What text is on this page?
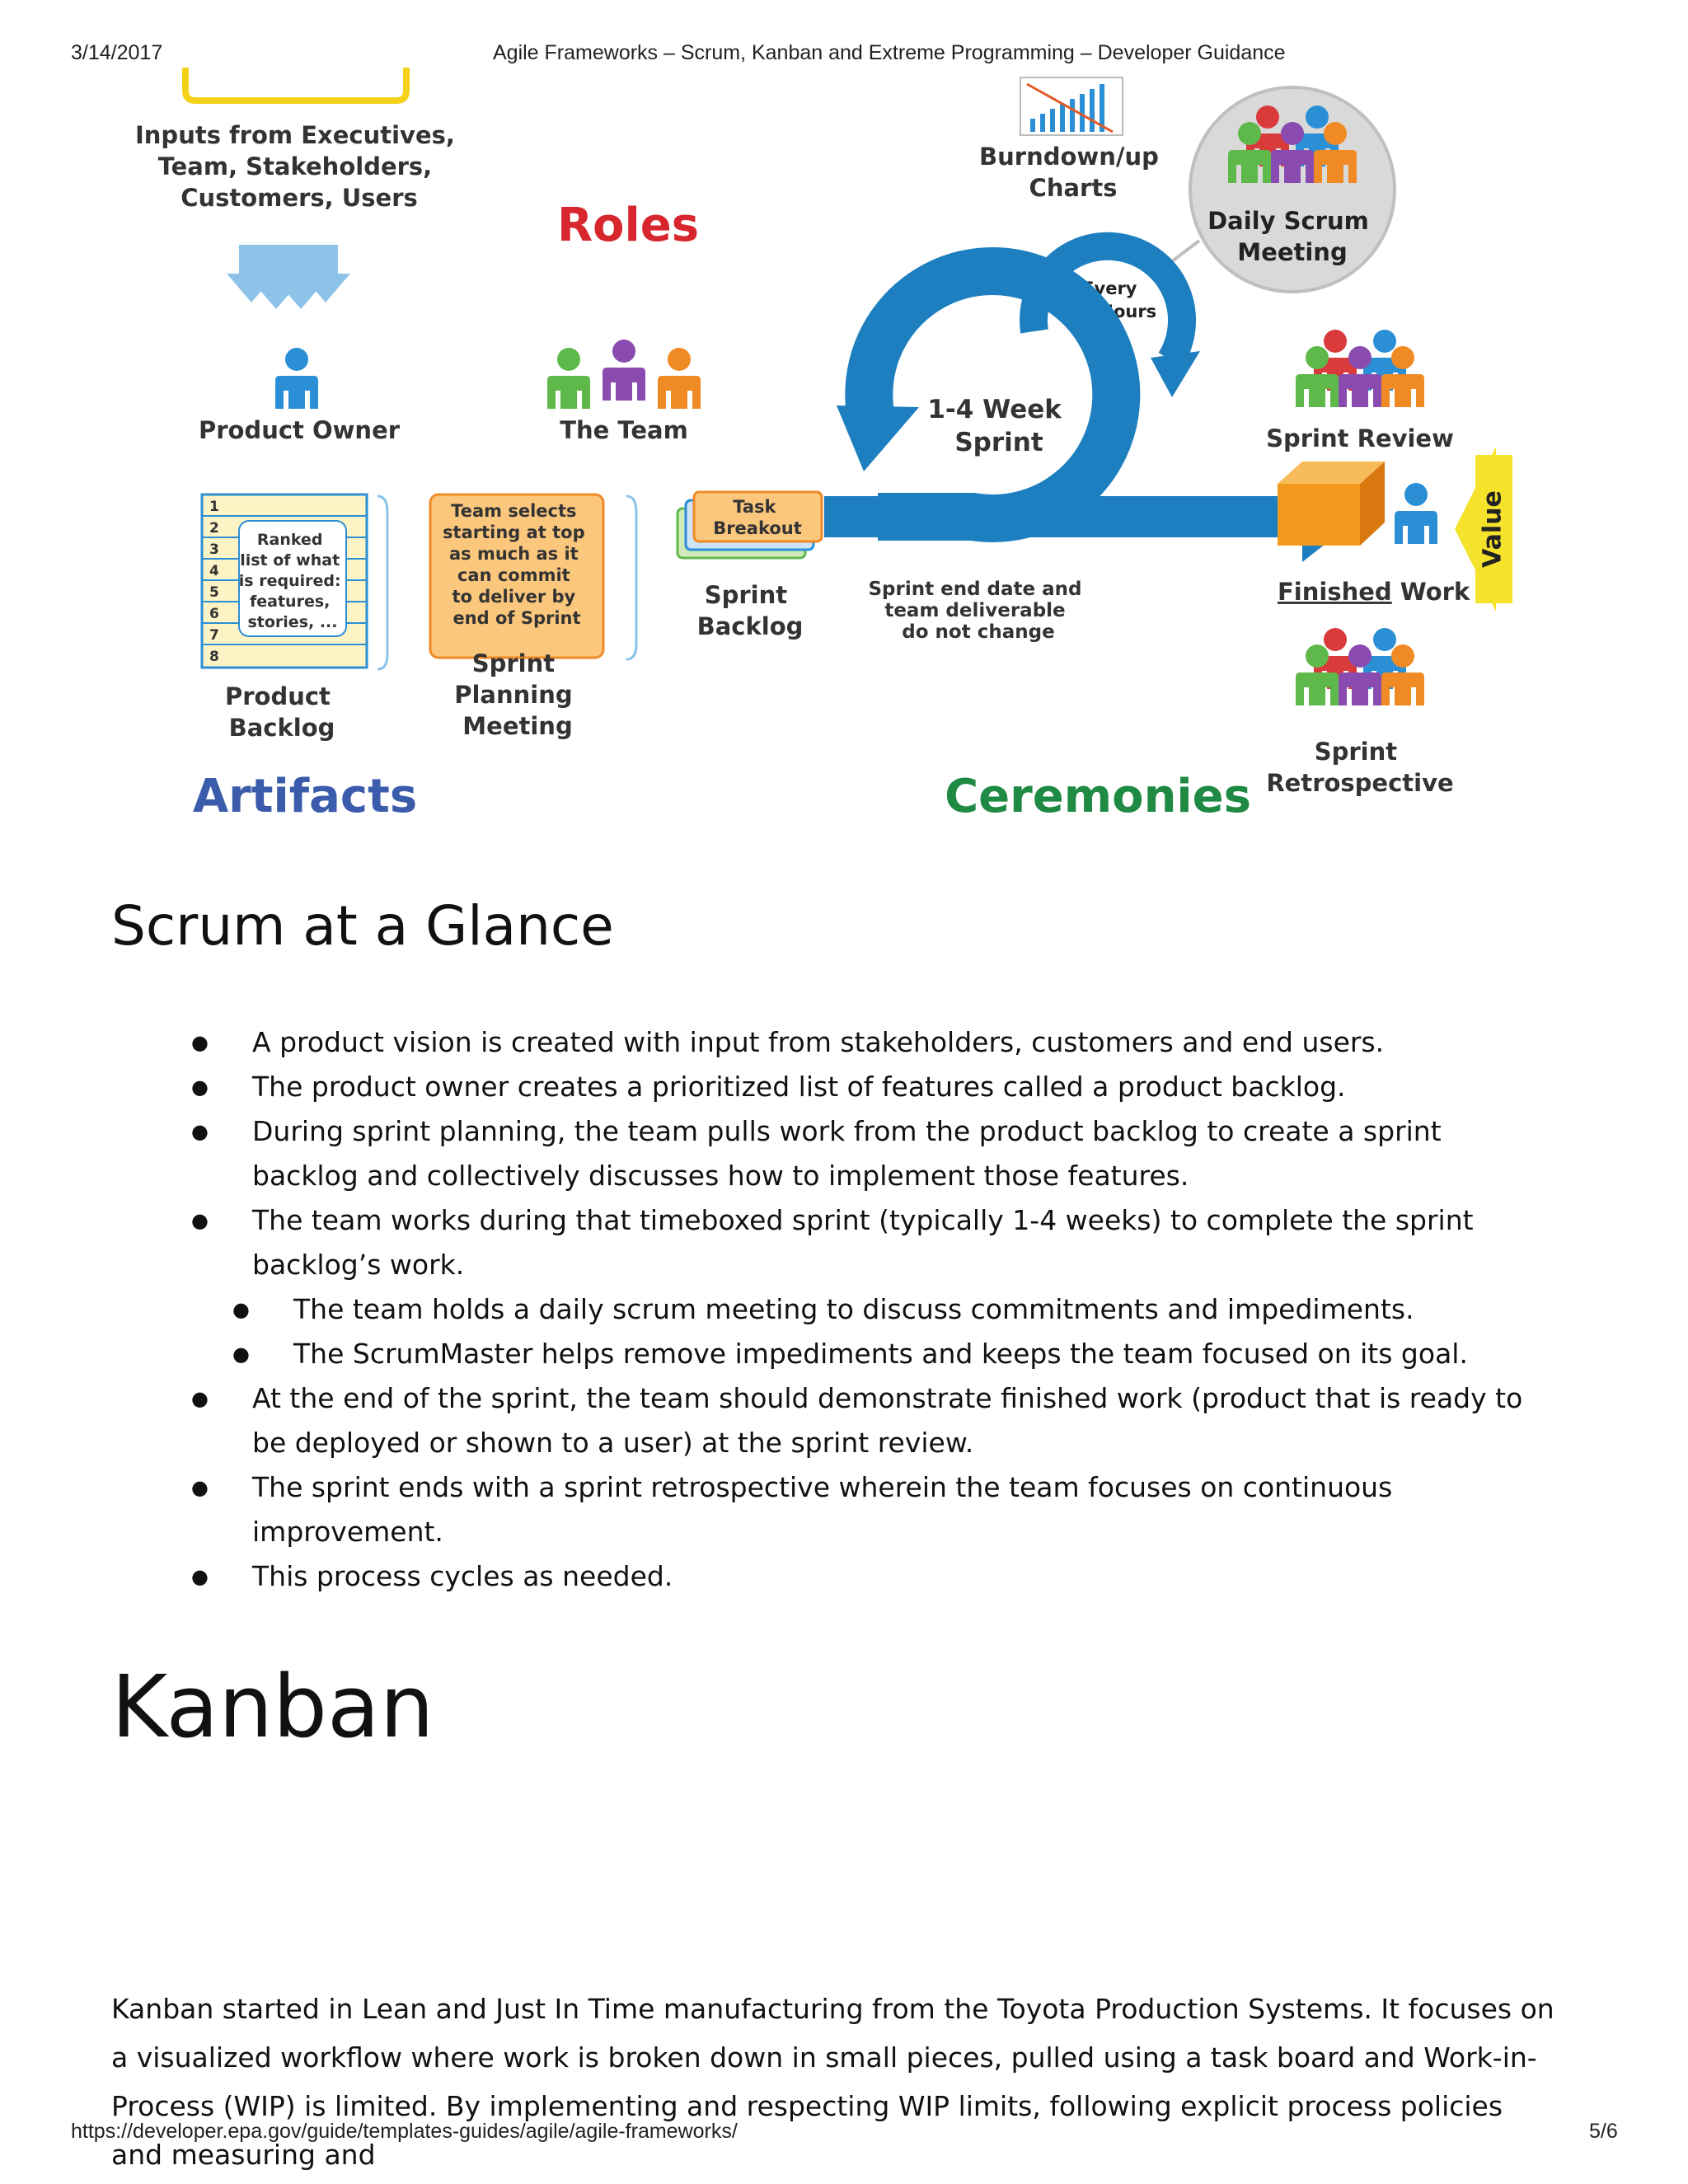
3/14/2017	Agile Frameworks – Scrum, Kanban and Extreme Programming – Developer Guidance
Inputs from Executives, Team, Stakeholders, Customers, Users
Product Owner
Roles
The Team
Burndown/up Charts
Daily Scrum Meeting
Every 24 Hours
1-4 Week Sprint
Sprint end date and team deliverable do not change
Sprint Review
Finished Work
Value
Sprint Retrospective
1 2 3 4 5 6 7 8
Ranked list of what is required: features, stories, ...
Product Backlog
Team selects starting at top as much as it can commit to deliver by end of Sprint
Sprint Planning Meeting
Task Breakout
Sprint Backlog
Artifacts	Ceremonies
Scrum at a Glance
● A product vision is created with input from stakeholders, customers and end users.
● The product owner creates a prioritized list of features called a product backlog.
● During sprint planning, the team pulls work from the product backlog to create a sprint backlog and collectively discusses how to implement those features.
● The team works during that timeboxed sprint (typically 1-4 weeks) to complete the sprint backlog’s work.
● The team holds a daily scrum meeting to discuss commitments and impediments.
● The ScrumMaster helps remove impediments and keeps the team focused on its goal.
● At the end of the sprint, the team should demonstrate finished work (product that is ready to be deployed or shown to a user) at the sprint review.
● The sprint ends with a sprint retrospective wherein the team focuses on continuous improvement.
● This process cycles as needed.
Kanban

Kanban started in Lean and Just In Time manufacturing from the Toyota Production Systems. It focuses on a visualized workflow where work is broken down in small pieces, pulled using a task board and Work-in-Process (WIP) is limited. By implementing and respecting WIP limits, following explicit process policies and measuring and

https://developer.epa.gov/guide/templates-guides/agile/agile-frameworks/	5/6
